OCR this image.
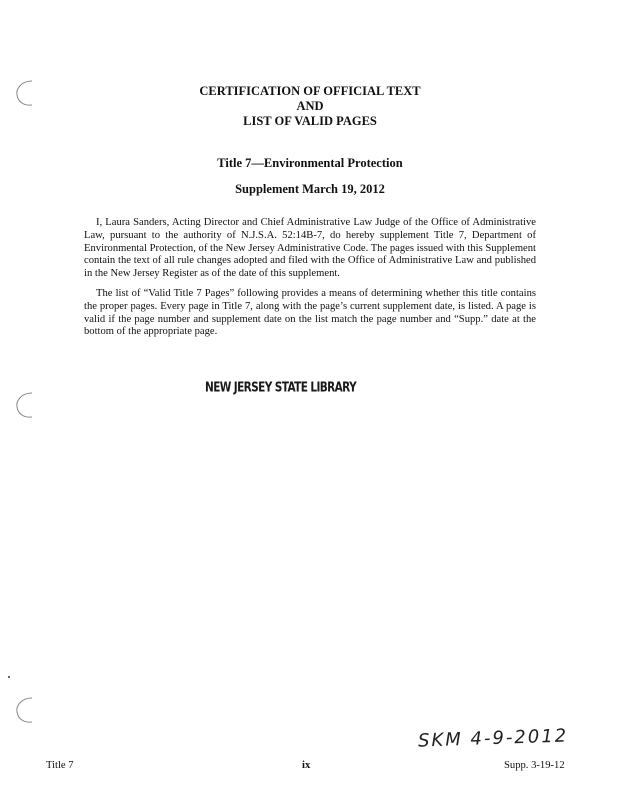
CERTIFICATION OF OFFICIAL TEXT
AND
LIST OF VALID PAGES
Title 7—Environmental Protection
Supplement March 19, 2012

I, Laura Sanders, Acting Director and Chief Administrative Law Judge of the Office of Administrative Law, pursuant to the authority of N.J.S.A. 52:14B-7, do hereby supplement Title 7, Department of Environmental Protection, of the New Jersey Administrative Code. The pages issued with this Supplement contain the text of all rule changes adopted and filed with the Office of Administrative Law and published in the New Jersey Register as of the date of this supplement.

The list of “Valid Title 7 Pages” following provides a means of determining whether this title contains the proper pages. Every page in Title 7, along with the page’s current supplement date, is listed. A page is valid if the page number and supplement date on the list match the page number and “Supp.” date at the bottom of the appropriate page.

NEW JERSEY STATE LIBRARY
SKM 4-9-2012
Title 7	ix	Supp. 3-19-12
